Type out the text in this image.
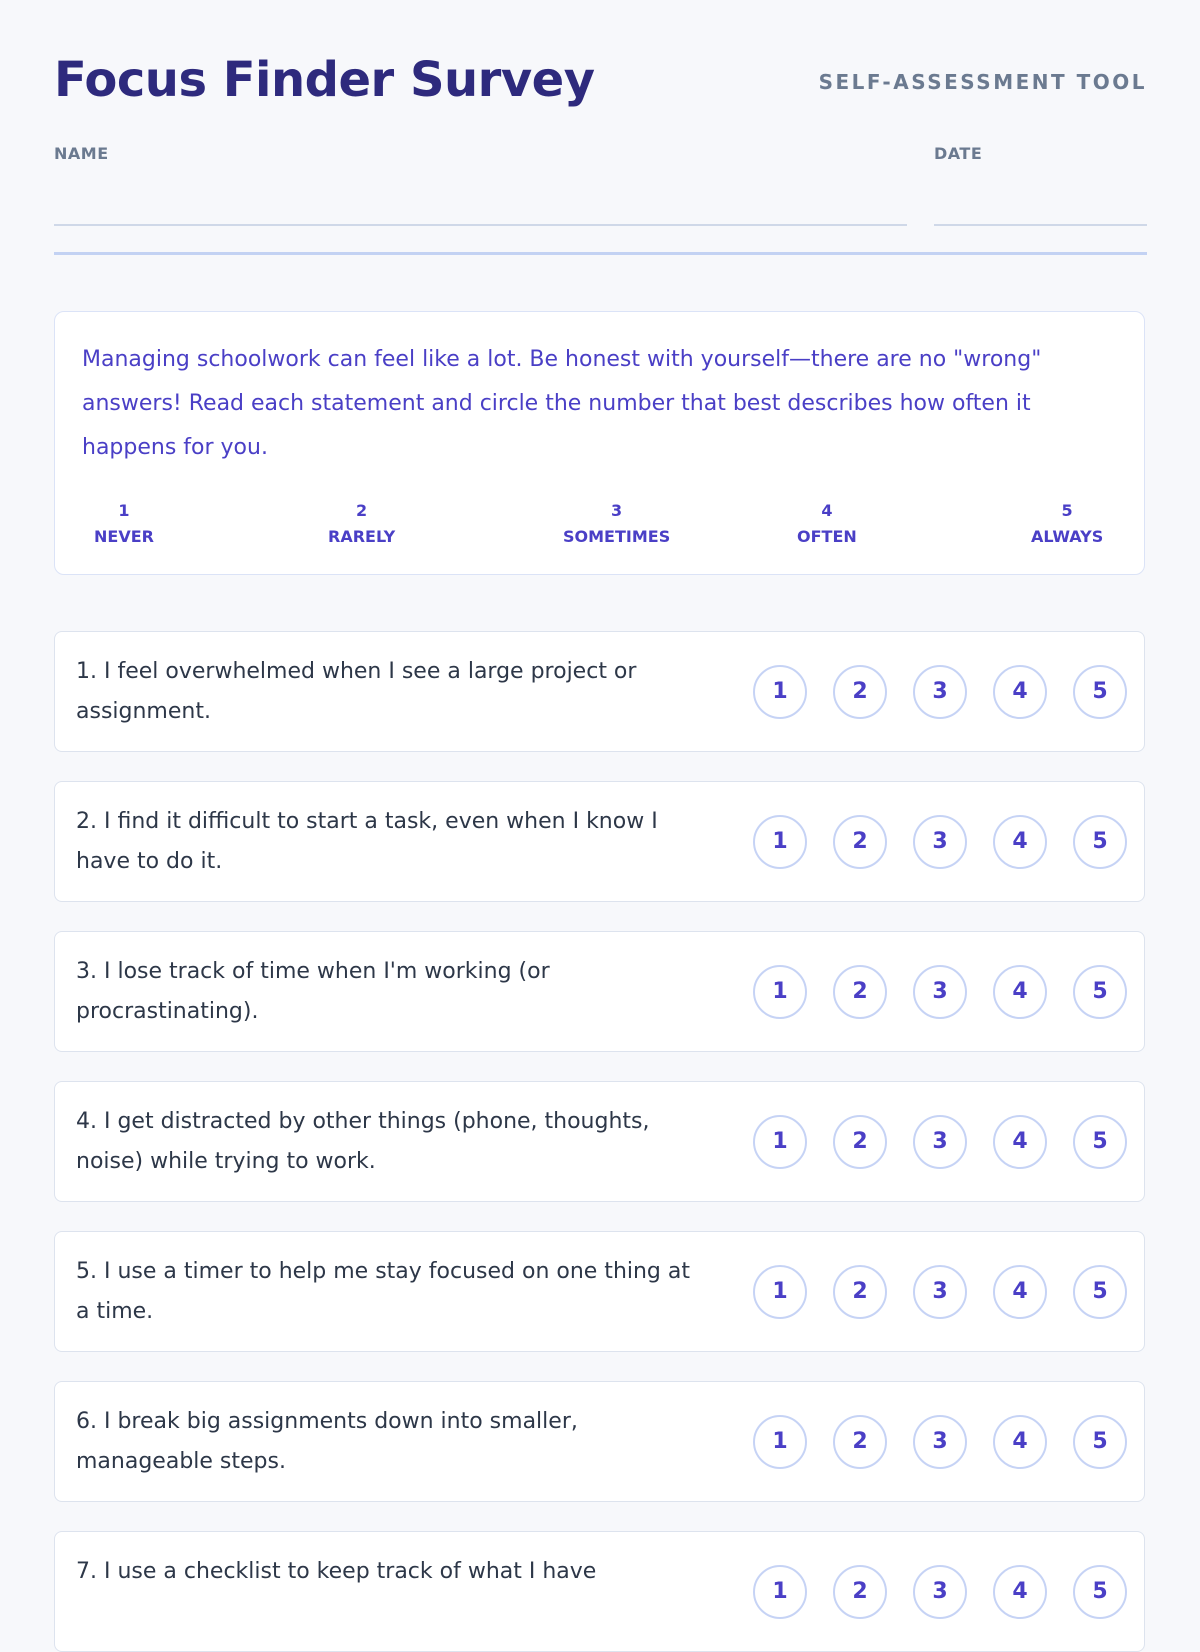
Focus Finder Survey	SELF-ASSESSMENT TOOL
NAME	DATE
Managing schoolwork can feel like a lot. Be honest with yourself—there are no "wrong" answers! Read each statement and circle the number that best describes how often it happens for you.
1
NEVER
2
RARELY
3
SOMETIMES
4
OFTEN
5
ALWAYS
1. I feel overwhelmed when I see a large project or assignment.
1	2	3	4	5
2. I find it difficult to start a task, even when I know I have to do it.
1	2	3	4	5
3. I lose track of time when I'm working (or procrastinating).
1	2	3	4	5
4. I get distracted by other things (phone, thoughts, noise) while trying to work.
1	2	3	4	5
5. I use a timer to help me stay focused on one thing at a time.
1	2	3	4	5
6. I break big assignments down into smaller, manageable steps.
1	2	3	4	5
7. I use a checklist to keep track of what I have
1	2	3	4	5
